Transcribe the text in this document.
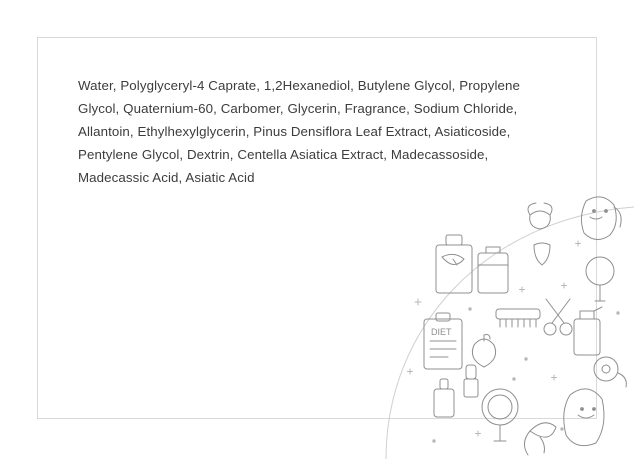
Water, Polyglyceryl-4 Caprate, 1,2Hexanediol, Butylene Glycol, Propylene Glycol, Quaternium-60, Carbomer, Glycerin, Fragrance, Sodium Chloride, Allantoin, Ethylhexylglycerin, Pinus Densiflora Leaf Extract, Asiaticoside, Pentylene Glycol, Dextrin, Centella Asiatica Extract, Madecassoside, Madecassic Acid, Asiatic Acid
DIET
